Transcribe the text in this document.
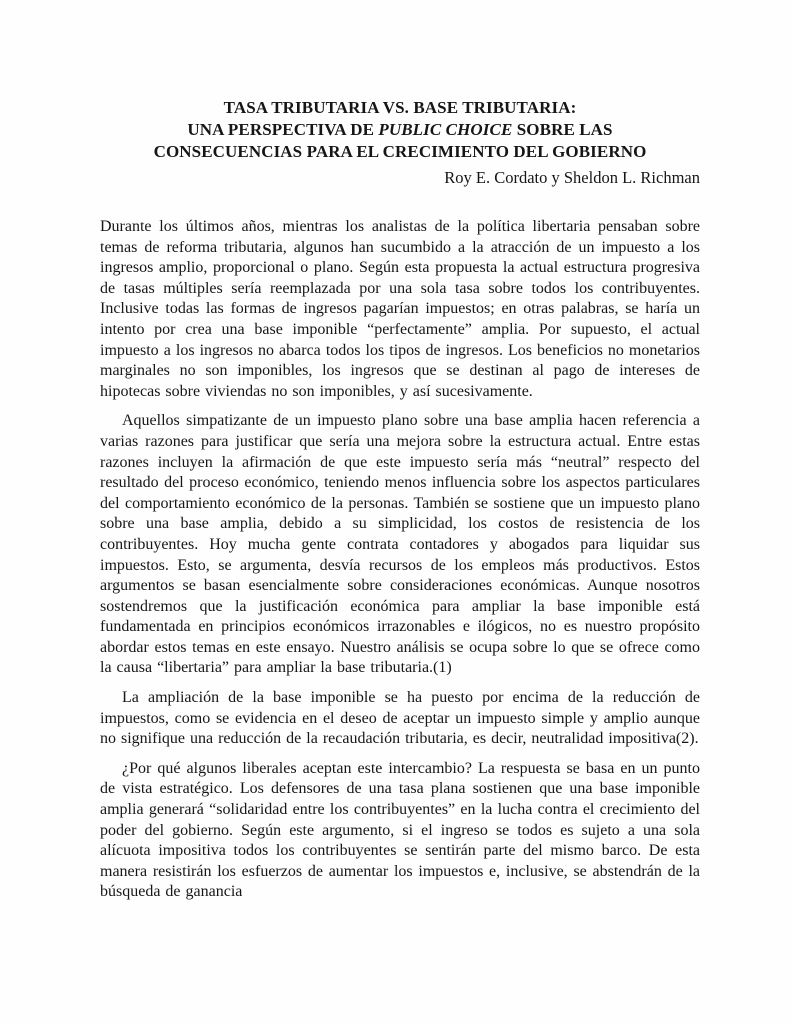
TASA TRIBUTARIA VS. BASE TRIBUTARIA:
UNA PERSPECTIVA DE PUBLIC CHOICE SOBRE LAS
CONSECUENCIAS PARA EL CRECIMIENTO DEL GOBIERNO
Roy E. Cordato y Sheldon L. Richman

Durante los últimos años, mientras los analistas de la política libertaria pensaban sobre temas de reforma tributaria, algunos han sucumbido a la atracción de un impuesto a los ingresos amplio, proporcional o plano. Según esta propuesta la actual estructura progresiva de tasas múltiples sería reemplazada por una sola tasa sobre todos los contribuyentes. Inclusive todas las formas de ingresos pagarían impuestos; en otras palabras, se haría un intento por crea una base imponible “perfectamente” amplia. Por supuesto, el actual impuesto a los ingresos no abarca todos los tipos de ingresos. Los beneficios no monetarios marginales no son imponibles, los ingresos que se destinan al pago de intereses de hipotecas sobre viviendas no son imponibles, y así sucesivamente.

Aquellos simpatizante de un impuesto plano sobre una base amplia hacen referencia a varias razones para justificar que sería una mejora sobre la estructura actual. Entre estas razones incluyen la afirmación de que este impuesto sería más “neutral” respecto del resultado del proceso económico, teniendo menos influencia sobre los aspectos particulares del comportamiento económico de la personas. También se sostiene que un impuesto plano sobre una base amplia, debido a su simplicidad, los costos de resistencia de los contribuyentes. Hoy mucha gente contrata contadores y abogados para liquidar sus impuestos. Esto, se argumenta, desvía recursos de los empleos más productivos. Estos argumentos se basan esencialmente sobre consideraciones económicas. Aunque nosotros sostendremos que la justificación económica para ampliar la base imponible está fundamentada en principios económicos irrazonables e ilógicos, no es nuestro propósito abordar estos temas en este ensayo. Nuestro análisis se ocupa sobre lo que se ofrece como la causa “libertaria” para ampliar la base tributaria.(1)

La ampliación de la base imponible se ha puesto por encima de la reducción de impuestos, como se evidencia en el deseo de aceptar un impuesto simple y amplio aunque no signifique una reducción de la recaudación tributaria, es decir, neutralidad impositiva(2).

¿Por qué algunos liberales aceptan este intercambio? La respuesta se basa en un punto de vista estratégico. Los defensores de una tasa plana sostienen que una base imponible amplia generará “solidaridad entre los contribuyentes” en la lucha contra el crecimiento del poder del gobierno. Según este argumento, si el ingreso se todos es sujeto a una sola alícuota impositiva todos los contribuyentes se sentirán parte del mismo barco. De esta manera resistirán los esfuerzos de aumentar los impuestos e, inclusive, se abstendrán de la búsqueda de ganancia
